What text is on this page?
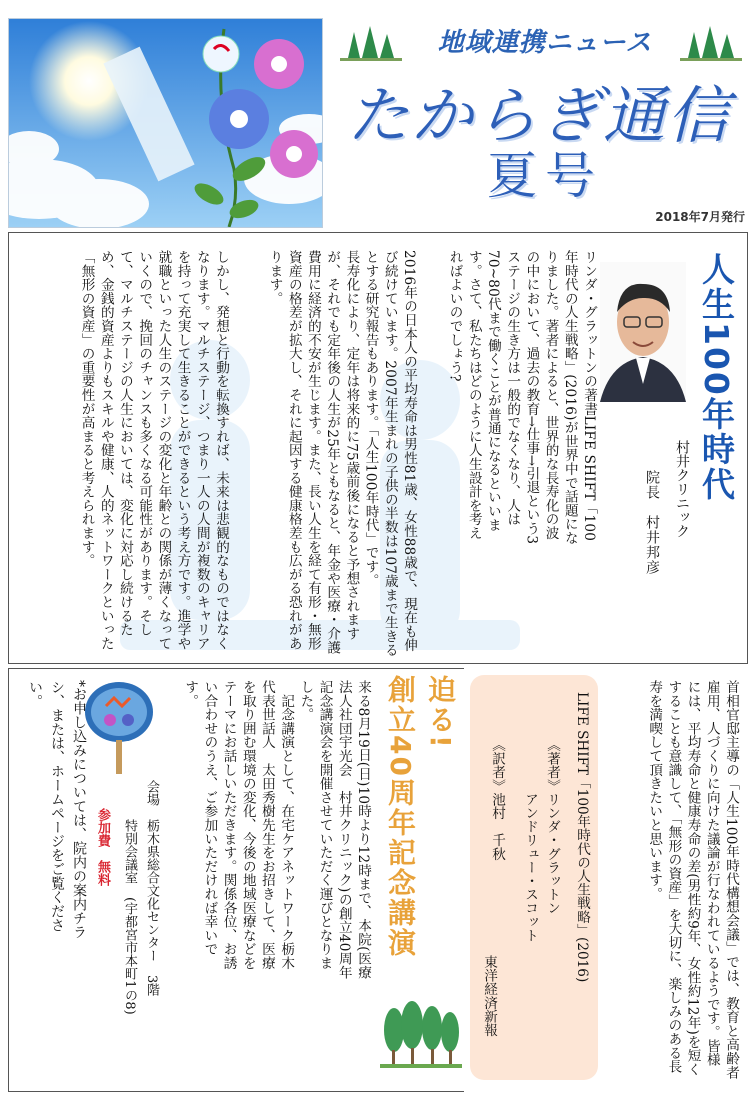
地域連携ニュース
たからぎ通信
夏号
2018年7月発行
人生100年時代
村井クリニック
院長　村井邦彦
リンダ・グラットンの著書LIFE SHIFT「100年時代の人生戦略」(2016)が世界中で話題になりました。著者によると、世界的な長寿化の波の中において、過去の教育→仕事→引退という3ステージの生き方は一般的でなくなり、人は70~80代まで働くことが普通になるといいます。さて、私たちはどのように人生設計を考えればよいのでしょう?
2016年の日本人の平均寿命は男性81歳、女性88歳で、現在も伸び続けています。2007年生まれの子供の半数は107歳まで生きるとする研究報告もあります。「人生100年時代」です。
長寿化により、定年は将来的に75歳前後になると予想されますが、それでも定年後の人生が25年ともなると、年金や医療・介護費用に経済的不安が生じます。また、長い人生を経て有形・無形資産の格差が拡大し、それに起因する健康格差も広がる恐れがあります。
しかし、発想と行動を転換すれば、未来は悲観的なものではなくなります。マルチステージ、つまり一人の人間が複数のキャリアを持って充実して生きることができるという考え方です。進学や就職といった人生のステージの変化と年齢との関係が薄くなっていくので、挽回のチャンスも多くなる可能性があります。そして、マルチステージの人生においては、変化に対応し続けるため、金銭的資産よりもスキルや健康、人的ネットワークといった「無形の資産」の重要性が高まると考えられます。
首相官邸主導の「人生100年時代構想会議」では、教育と高齢者雇用、人づくりに向けた議論が行なわれているようです。皆様には、平均寿命と健康寿命の差(男性約9年、女性約12年)を短くすることも意識して、「無形の資産」を大切に、楽しみのある長寿を満喫して頂きたいと思います。
LIFE SHIFT「100年時代の人生戦略」(2016)
《著者》リンダ・グラットン
　　　　アンドリュー・スコット
《訳者》池村　千秋
東洋経済新報
迫る!
創立40周年記念講演
来る8月19日(日)10時より12時まで、本院(医療法人社団宇光会　村井クリニック)の創立40周年記念講演会を開催させていただく運びとなりました。
　記念講演として、在宅ケアネットワーク栃木　代表世話人　太田秀樹先生をお招きして、医療を取り囲む環境の変化、今後の地域医療などをテーマにお話しいただきます。関係各位、お誘い合わせのうえ、ご参加いただければ幸いです。
会場　栃木県総合文化センター　3階
　　　特別会議室　(宇都宮市本町1の8)
参加費　無料
*お申し込みについては、院内の案内チラシ、または、ホームページをご覧ください。
